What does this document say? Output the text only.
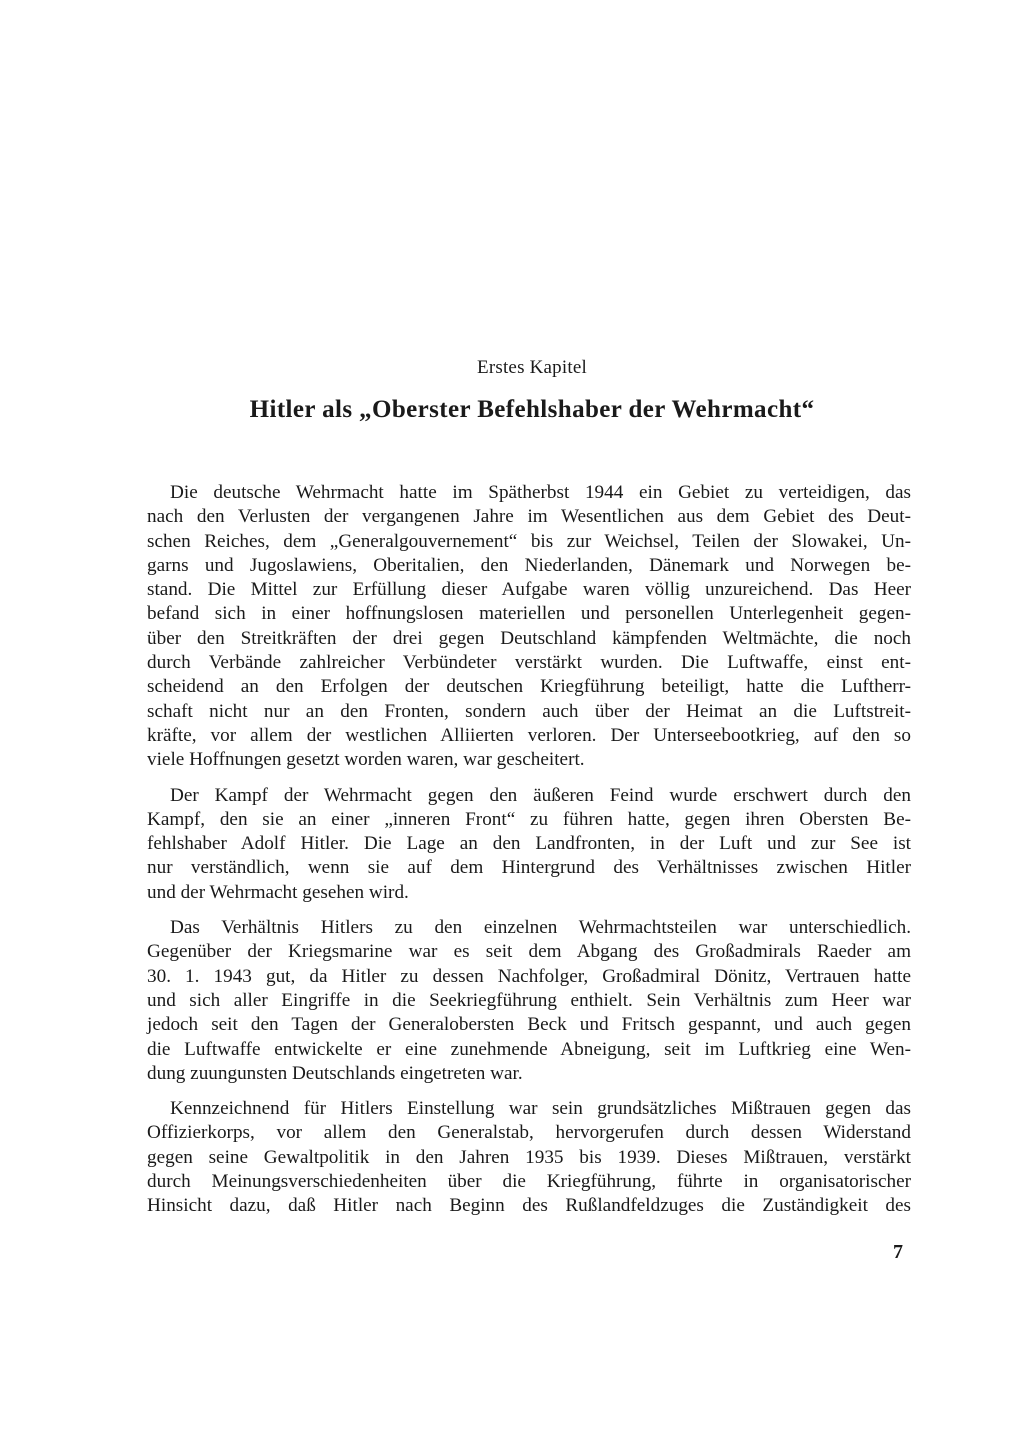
Erstes Kapitel
Hitler als „Oberster Befehlshaber der Wehrmacht“
Die deutsche Wehrmacht hatte im Spätherbst 1944 ein Gebiet zu verteidigen, das
nach den Verlusten der vergangenen Jahre im Wesentlichen aus dem Gebiet des Deut-
schen Reiches, dem „Generalgouvernement“ bis zur Weichsel, Teilen der Slowakei, Un-
garns und Jugoslawiens, Oberitalien, den Niederlanden, Dänemark und Norwegen be-
stand. Die Mittel zur Erfüllung dieser Aufgabe waren völlig unzureichend. Das Heer
befand sich in einer hoffnungslosen materiellen und personellen Unterlegenheit gegen-
über den Streitkräften der drei gegen Deutschland kämpfenden Weltmächte, die noch
durch Verbände zahlreicher Verbündeter verstärkt wurden. Die Luftwaffe, einst ent-
scheidend an den Erfolgen der deutschen Kriegführung beteiligt, hatte die Luftherr-
schaft nicht nur an den Fronten, sondern auch über der Heimat an die Luftstreit-
kräfte, vor allem der westlichen Alliierten verloren. Der Unterseebootkrieg, auf den so
viele Hoffnungen gesetzt worden waren, war gescheitert.
Der Kampf der Wehrmacht gegen den äußeren Feind wurde erschwert durch den
Kampf, den sie an einer „inneren Front“ zu führen hatte, gegen ihren Obersten Be-
fehlshaber Adolf Hitler. Die Lage an den Landfronten, in der Luft und zur See ist
nur verständlich, wenn sie auf dem Hintergrund des Verhältnisses zwischen Hitler
und der Wehrmacht gesehen wird.
Das Verhältnis Hitlers zu den einzelnen Wehrmachtsteilen war unterschiedlich.
Gegenüber der Kriegsmarine war es seit dem Abgang des Großadmirals Raeder am
30. 1. 1943 gut, da Hitler zu dessen Nachfolger, Großadmiral Dönitz, Vertrauen hatte
und sich aller Eingriffe in die Seekriegführung enthielt. Sein Verhältnis zum Heer war
jedoch seit den Tagen der Generalobersten Beck und Fritsch gespannt, und auch gegen
die Luftwaffe entwickelte er eine zunehmende Abneigung, seit im Luftkrieg eine Wen-
dung zuungunsten Deutschlands eingetreten war.
Kennzeichnend für Hitlers Einstellung war sein grundsätzliches Mißtrauen gegen das
Offizierkorps, vor allem den Generalstab, hervorgerufen durch dessen Widerstand
gegen seine Gewaltpolitik in den Jahren 1935 bis 1939. Dieses Mißtrauen, verstärkt
durch Meinungsverschiedenheiten über die Kriegführung, führte in organisatorischer
Hinsicht dazu, daß Hitler nach Beginn des Rußlandfeldzuges die Zuständigkeit des
7
